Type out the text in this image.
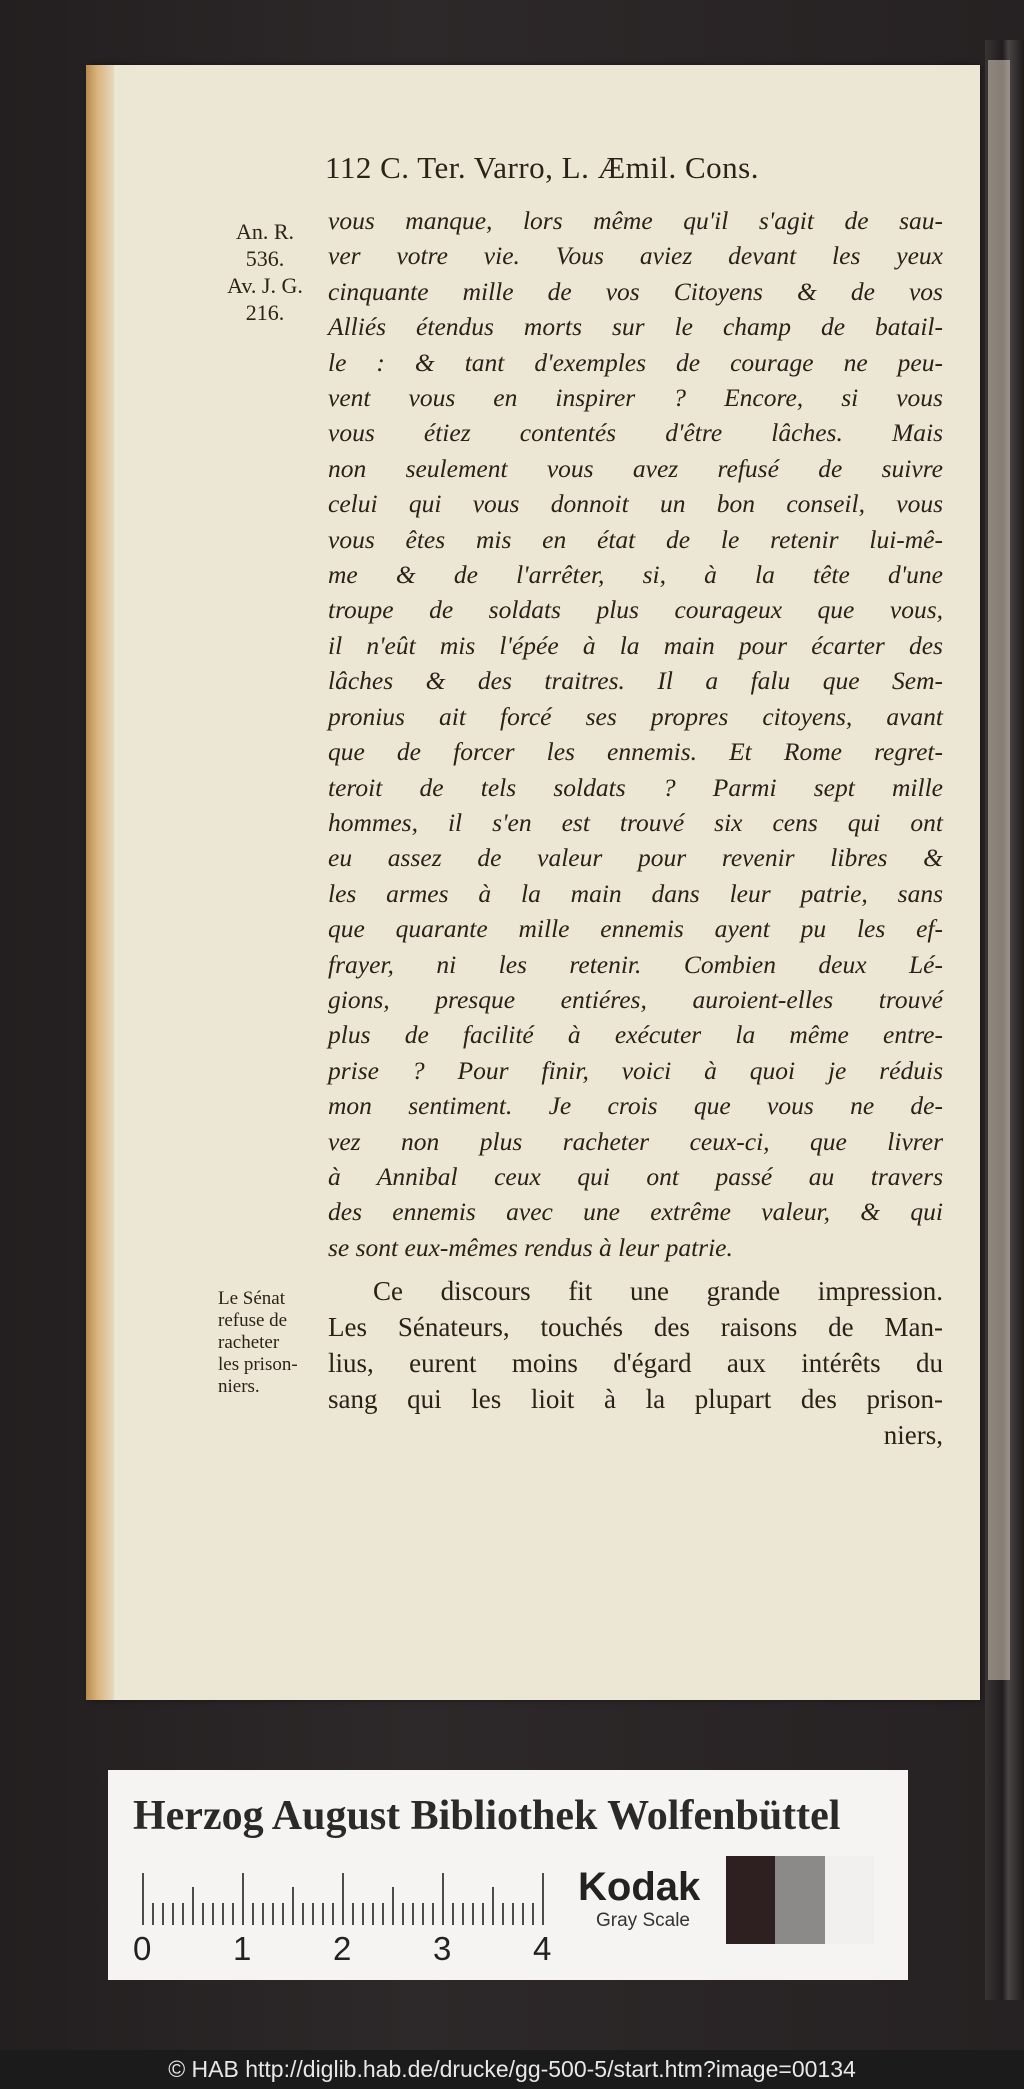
112 C. Ter. Varro, L. Æmil. Cons.
An. R.
536.
Av. J. G.
216.
vous manque, lors même qu'il s'agit de sau-
ver votre vie. Vous aviez devant les yeux
cinquante mille de vos Citoyens & de vos
Alliés étendus morts sur le champ de batail-
le : & tant d'exemples de courage ne peu-
vent vous en inspirer ? Encore, si vous
vous étiez contentés d'être lâches. Mais
non seulement vous avez refusé de suivre
celui qui vous donnoit un bon conseil, vous
vous êtes mis en état de le retenir lui-mê-
me & de l'arrêter, si, à la tête d'une
troupe de soldats plus courageux que vous,
il n'eût mis l'épée à la main pour écarter des
lâches & des traitres. Il a falu que Sem-
pronius ait forcé ses propres citoyens, avant
que de forcer les ennemis. Et Rome regret-
teroit de tels soldats ? Parmi sept mille
hommes, il s'en est trouvé six cens qui ont
eu assez de valeur pour revenir libres &
les armes à la main dans leur patrie, sans
que quarante mille ennemis ayent pu les ef-
frayer, ni les retenir. Combien deux Lé-
gions, presque entiéres, auroient-elles trouvé
plus de facilité à exécuter la même entre-
prise ? Pour finir, voici à quoi je réduis
mon sentiment. Je crois que vous ne de-
vez non plus racheter ceux-ci, que livrer
à Annibal ceux qui ont passé au travers
des ennemis avec une extrême valeur, & qui
se sont eux-mêmes rendus à leur patrie.
Ce discours fit une grande impression.
Les Sénateurs, touchés des raisons de Man-
lius, eurent moins d'égard aux intérêts du
sang qui les lioit à la plupart des prison-
niers,
Le Sénat
refuse de
racheter
les prison-
niers.
Herzog August Bibliothek Wolfenbüttel
0 1 2 3 4
Kodak
Gray Scale
© HAB http://diglib.hab.de/drucke/gg-500-5/start.htm?image=00134
